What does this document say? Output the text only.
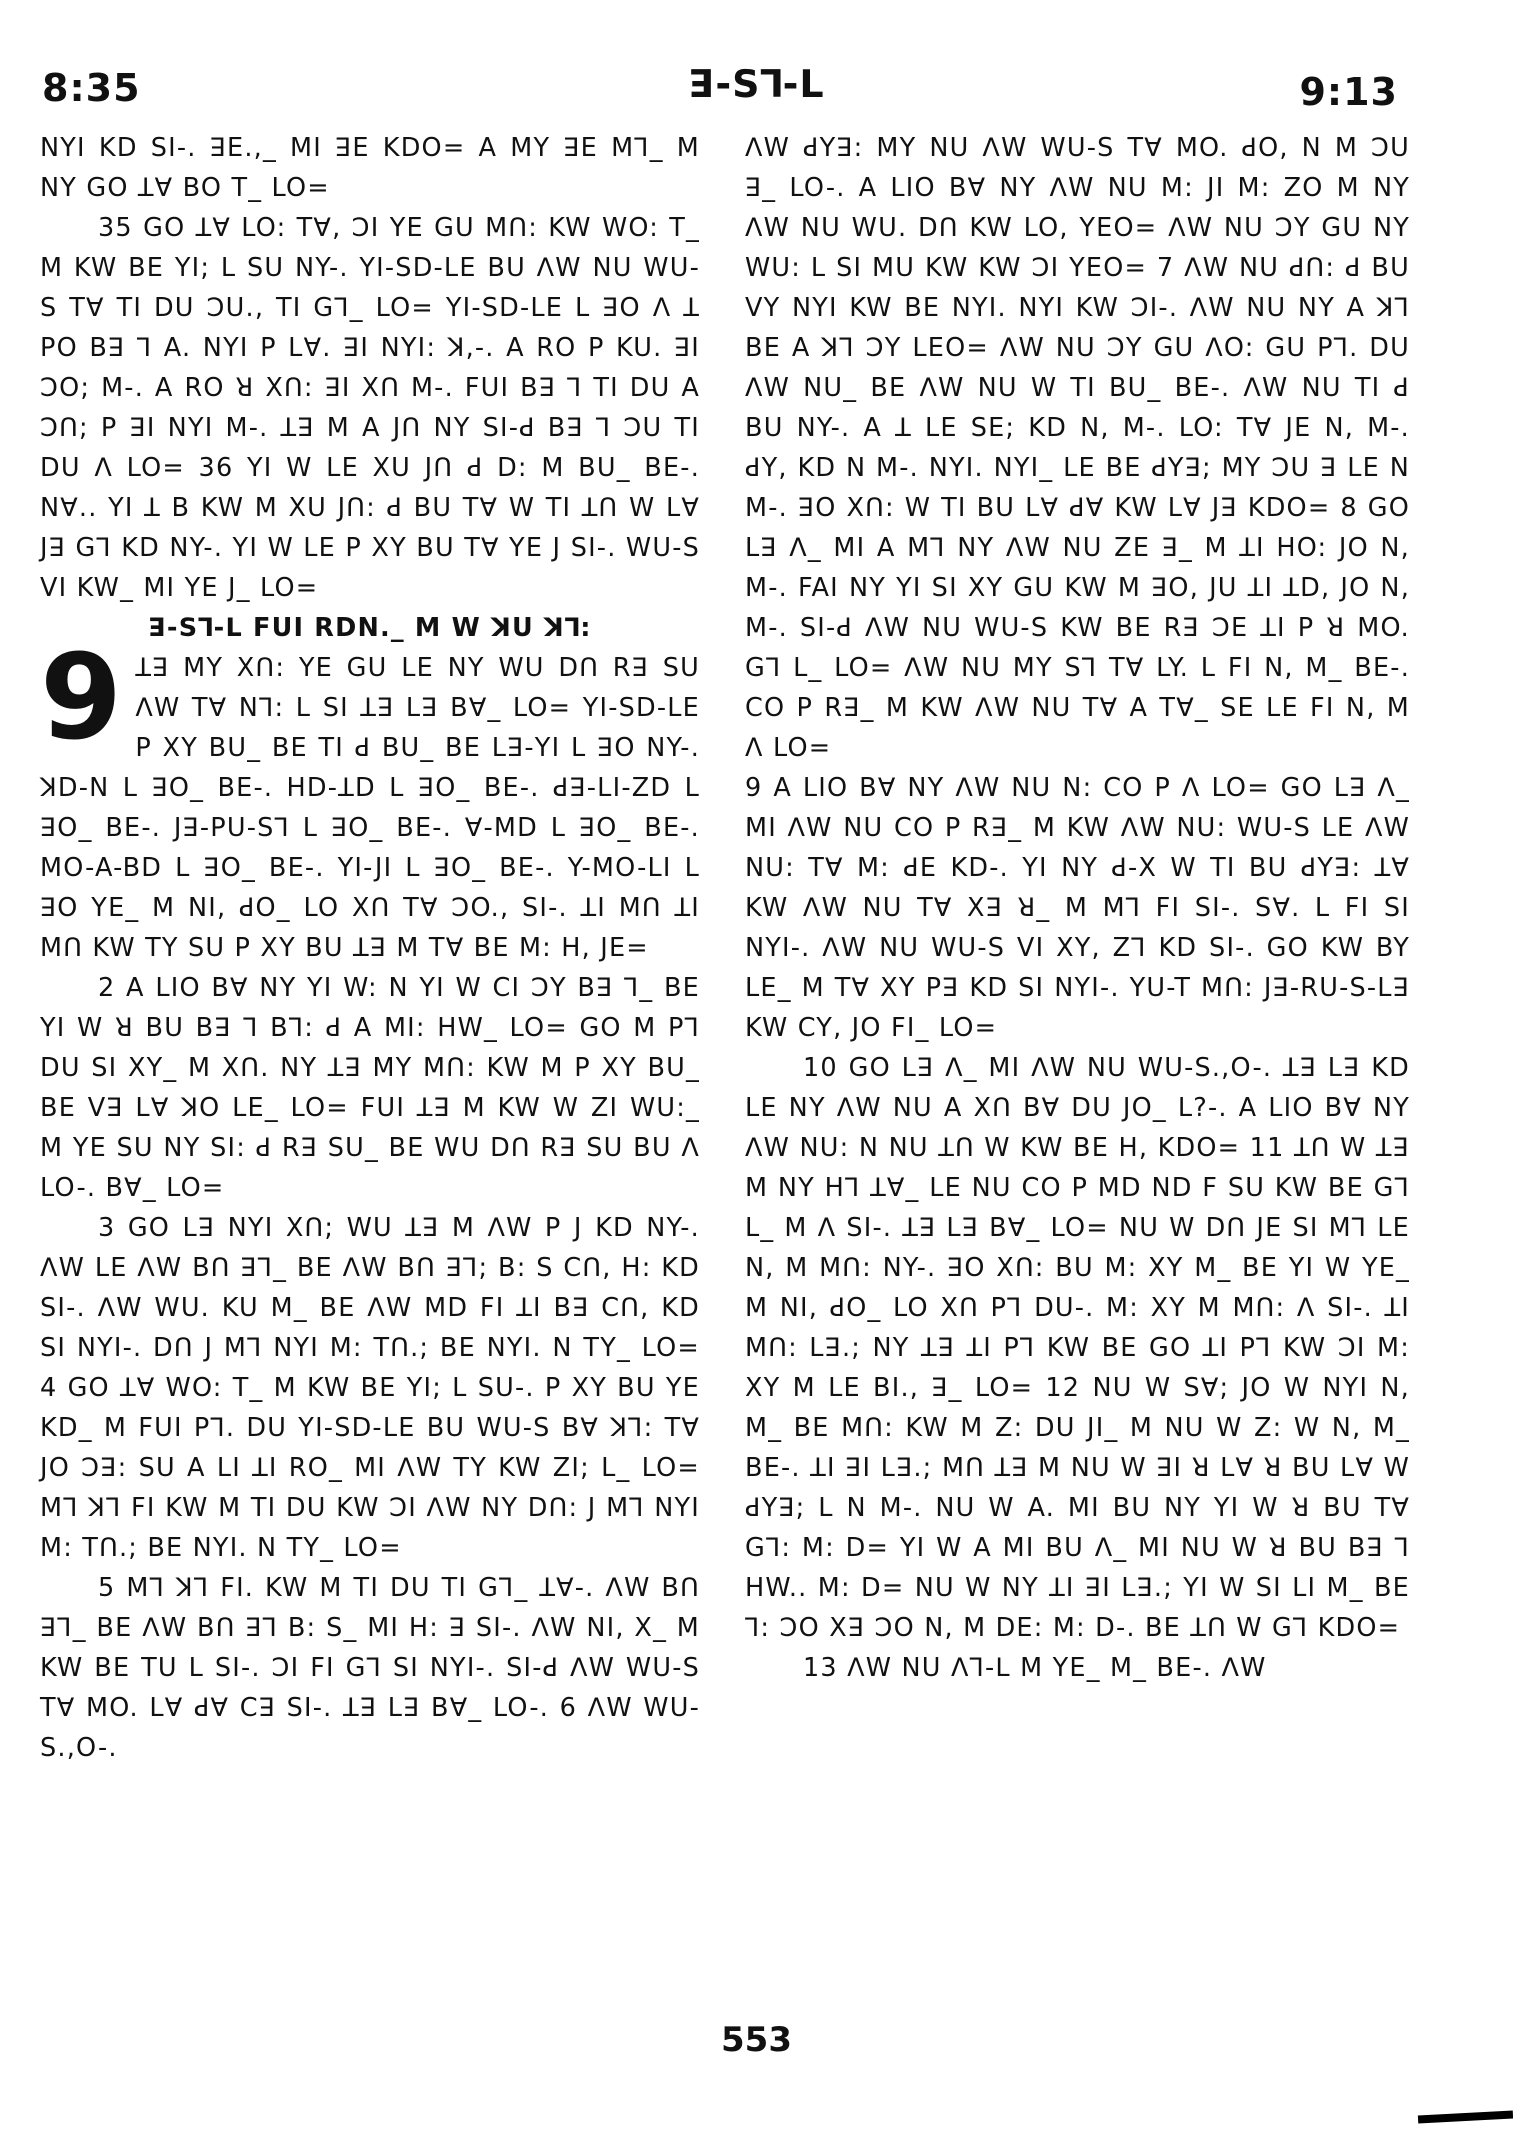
8:35	ꓱ-ꓢꓶ-ꓡ	9:13

NYI KD SI-. ꓱE.,_ MI ꓱE KDO= A MY ꓱE Mꓶ_ M NY GO ꓕꓯ BO T_ LO=

35 GO ꓕꓯ LO: Tꓯ, ꓛI YE GU Mꓵ: KW WO: T_ M KW BE YI; L SU NY-. YI-SD-LE BU ꓥW NU WU-S Tꓯ TI DU ꓛU., TI Gꓶ_ LO= YI-SD-LE L ꓱO ꓥ ꓕ PO Bꓱ ꓶ A. NYI P Lꓯ. ꓱI NYI: ꓘ,-. A RO P KU. ꓱI ꓛO; M-. A RO ꓤ Xꓵ: ꓱI Xꓵ M-. FUI Bꓱ ꓶ TI DU A ꓛꓵ; P ꓱI NYI M-. ꓕꓱ M A Jꓵ NY SI-ꓒ Bꓱ ꓶ ꓛU TI DU ꓥ LO= 36 YI W LE XU Jꓵ ꓒ D: M BU_ BE-. Nꓯ.. YI ꓕ B KW M XU Jꓵ: ꓒ BU Tꓯ W TI ꓕꓵ W Lꓯ Jꓱ Gꓶ KD NY-. YI W LE P XY BU Tꓯ YE J SI-. WU-S VI KW_ MI YE J_ LO=

ꓱ-ꓢꓶ-ꓡ FUI RDN._ M W ꓘU ꓘꓶ:

9 ꓕꓱ MY Xꓵ: YE GU LE NY WU Dꓵ Rꓱ SU ꓥW Tꓯ Nꓶ: L SI ꓕꓱ Lꓱ Bꓯ_ LO= YI-SD-LE P XY BU_ BE TI ꓒ BU_ BE Lꓱ-YI L ꓱO NY-. ꓘD-N L ꓱO_ BE-. HD-ꓕD L ꓱO_ BE-. ꓒꓱ-LI-ZD L ꓱO_ BE-. Jꓱ-PU-Sꓶ L ꓱO_ BE-. ꓯ-MD L ꓱO_ BE-. MO-A-BD L ꓱO_ BE-. YI-JI L ꓱO_ BE-. Y-MO-LI L ꓱO YE_ M NI, ꓒO_ LO Xꓵ Tꓯ ꓛO., SI-. ꓕI Mꓵ ꓕI Mꓵ KW TY SU P XY BU ꓕꓱ M Tꓯ BE M: H, JE=

2 A LIO Bꓯ NY YI W: N YI W CI ꓛY Bꓱ ꓶ_ BE YI W ꓤ BU Bꓱ ꓶ Bꓶ: ꓒ A MI: HW_ LO= GO M Pꓶ DU SI XY_ M Xꓵ. NY ꓕꓱ MY Mꓵ: KW M P XY BU_ BE Vꓱ Lꓯ ꓘO LE_ LO= FUI ꓕꓱ M KW W ZI WU:_ M YE SU NY SI: ꓒ Rꓱ SU_ BE WU Dꓵ Rꓱ SU BU ꓥ LO-. Bꓯ_ LO=

3 GO Lꓱ NYI Xꓵ; WU ꓕꓱ M ꓥW P J KD NY-. ꓥW LE ꓥW Bꓵ ꓱꓶ_ BE ꓥW Bꓵ ꓱꓶ; B: S Cꓵ, H: KD SI-. ꓥW WU. KU M_ BE ꓥW MD FI ꓕI Bꓱ Cꓵ, KD SI NYI-. Dꓵ J Mꓶ NYI M: Tꓵ.; BE NYI. N TY_ LO= 4 GO ꓕꓯ WO: T_ M KW BE YI; L SU-. P XY BU YE KD_ M FUI Pꓶ. DU YI-SD-LE BU WU-S Bꓯ ꓘꓶ: Tꓯ JO ꓛꓱ: SU A LI ꓕI RO_ MI ꓥW TY KW ZI; L_ LO= Mꓶ ꓘꓶ FI KW M TI DU KW ꓛI ꓥW NY Dꓵ: J Mꓶ NYI M: Tꓵ.; BE NYI. N TY_ LO=

5 Mꓶ ꓘꓶ FI. KW M TI DU TI Gꓶ_ ꓕꓯ-. ꓥW Bꓵ ꓱꓶ_ BE ꓥW Bꓵ ꓱꓶ B: S_ MI H: ꓱ SI-. ꓥW NI, X_ M KW BE TU L SI-. ꓛI FI Gꓶ SI NYI-. SI-ꓒ ꓥW WU-S Tꓯ MO. Lꓯ ꓒꓯ Cꓱ SI-. ꓕꓱ Lꓱ Bꓯ_ LO-. 6 ꓥW WU-S.,O-.

ꓥW ꓒYꓱ: MY NU ꓥW WU-S Tꓯ MO. ꓒO, N M ꓛU ꓱ_ LO-. A LIO Bꓯ NY ꓥW NU M: JI M: ZO M NY ꓥW NU WU. Dꓵ KW LO, YEO= ꓥW NU ꓛY GU NY WU: L SI MU KW KW ꓛI YEO= 7 ꓥW NU ꓒꓵ: ꓒ BU VY NYI KW BE NYI. NYI KW ꓛI-. ꓥW NU NY A ꓘꓶ BE A ꓘꓶ ꓛY LEO= ꓥW NU ꓛY GU ꓥO: GU Pꓶ. DU ꓥW NU_ BE ꓥW NU W TI BU_ BE-. ꓥW NU TI ꓒ BU NY-. A ꓕ LE SE; KD N, M-. LO: Tꓯ JE N, M-. ꓒY, KD N M-. NYI. NYI_ LE BE ꓒYꓱ; MY ꓛU ꓱ LE N M-. ꓱO Xꓵ: W TI BU Lꓯ ꓒꓯ KW Lꓯ Jꓱ KDO= 8 GO Lꓱ ꓥ_ MI A Mꓶ NY ꓥW NU ZE ꓱ_ M ꓕI HO: JO N, M-. FAI NY YI SI XY GU KW M ꓱO, JU ꓕI ꓕD, JO N, M-. SI-ꓒ ꓥW NU WU-S KW BE Rꓱ ꓛE ꓕI P ꓤ MO. Gꓶ L_ LO= ꓥW NU MY Sꓶ Tꓯ LY. L FI N, M_ BE-. CO P Rꓱ_ M KW ꓥW NU Tꓯ A Tꓯ_ SE LE FI N, M ꓥ LO=

9 A LIO Bꓯ NY ꓥW NU N: CO P ꓥ LO= GO Lꓱ ꓥ_ MI ꓥW NU CO P Rꓱ_ M KW ꓥW NU: WU-S LE ꓥW NU: Tꓯ M: ꓒE KD-. YI NY ꓒ-X W TI BU ꓒYꓱ: ꓕꓯ KW ꓥW NU Tꓯ Xꓱ ꓤ_ M Mꓶ FI SI-. Sꓯ. L FI SI NYI-. ꓥW NU WU-S VI XY, Zꓶ KD SI-. GO KW BY LE_ M Tꓯ XY Pꓱ KD SI NYI-. YU-T Mꓵ: Jꓱ-RU-S-Lꓱ KW CY, JO FI_ LO=

10 GO Lꓱ ꓥ_ MI ꓥW NU WU-S.,O-. ꓕꓱ Lꓱ KD LE NY ꓥW NU A Xꓵ Bꓯ DU JO_ L?-. A LIO Bꓯ NY ꓥW NU: N NU ꓕꓵ W KW BE H, KDO= 11 ꓕꓵ W ꓕꓱ M NY Hꓶ ꓕꓯ_ LE NU CO P MD ND F SU KW BE Gꓶ L_ M ꓥ SI-. ꓕꓱ Lꓱ Bꓯ_ LO= NU W Dꓵ JE SI Mꓶ LE N, M Mꓵ: NY-. ꓱO Xꓵ: BU M: XY M_ BE YI W YE_ M NI, ꓒO_ LO Xꓵ Pꓶ DU-. M: XY M Mꓵ: ꓥ SI-. ꓕI Mꓵ: Lꓱ.; NY ꓕꓱ ꓕI Pꓶ KW BE GO ꓕI Pꓶ KW ꓛI M: XY M LE BI., ꓱ_ LO= 12 NU W Sꓯ; JO W NYI N, M_ BE Mꓵ: KW M Z: DU JI_ M NU W Z: W N, M_ BE-. ꓕI ꓱI Lꓱ.; Mꓵ ꓕꓱ M NU W ꓱI ꓤ Lꓯ ꓤ BU Lꓯ W ꓒYꓱ; L N M-. NU W A. MI BU NY YI W ꓤ BU Tꓯ Gꓶ: M: D= YI W A MI BU ꓥ_ MI NU W ꓤ BU Bꓱ ꓶ HW.. M: D= NU W NY ꓕI ꓱI Lꓱ.; YI W SI LI M_ BE ꓶ: ꓛO Xꓱ ꓛO N, M DE: M: D-. BE ꓕꓵ W Gꓶ KDO=

13 ꓥW NU ꓥꓶ-ꓡ M YE_ M_ BE-. ꓥW

553
